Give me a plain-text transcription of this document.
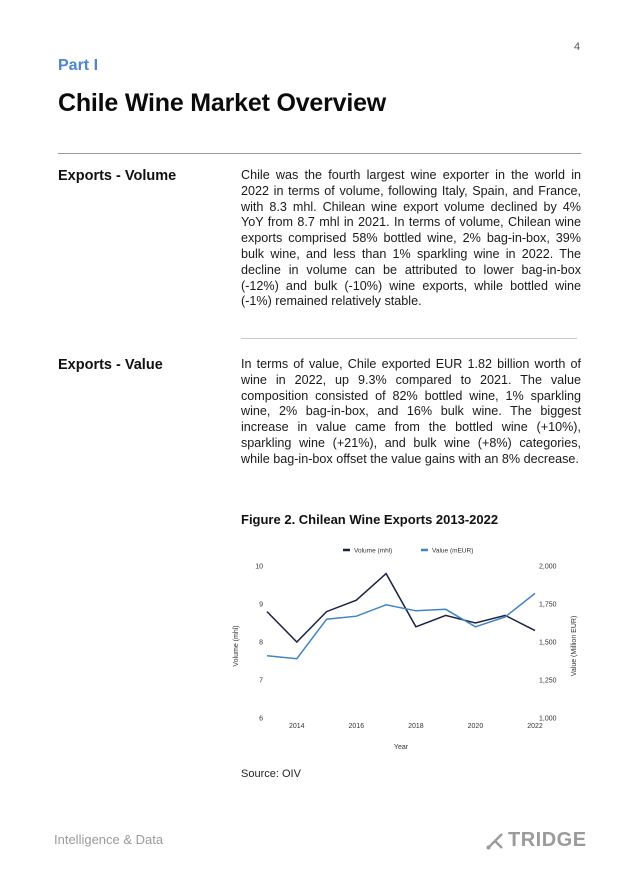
4
Part I
Chile Wine Market Overview
Exports - Volume	Chile was the fourth largest wine exporter in the world in 2022 in terms of volume, following Italy, Spain, and France, with 8.3 mhl. Chilean wine export volume declined by 4% YoY from 8.7 mhl in 2021. In terms of volume, Chilean wine exports comprised 58% bottled wine, 2% bag-in-box, 39% bulk wine, and less than 1% sparkling wine in 2022. The decline in volume can be attributed to lower bag-in-box (-12%) and bulk (-10%) wine exports, while bottled wine (-1%) remained relatively stable.
Exports - Value	In terms of value, Chile exported EUR 1.82 billion worth of wine in 2022, up 9.3% compared to 2021. The value composition consisted of 82% bottled wine, 1% sparkling wine, 2% bag-in-box, and 16% bulk wine. The biggest increase in value came from the bottled wine (+10%), sparkling wine (+21%), and bulk wine (+8%) categories, while bag-in-box offset the value gains with an 8% decrease.
Figure 2. Chilean Wine Exports 2013-2022
Volume (mhl)	Value (mEUR)
6
7
8
9
10
1,000
1,250
1,500
1,750
2,000
2014	2016	2018	2020	2022
Year
Volume (mhl)	Value (Million EUR)
Source: OIV
Intelligence & Data	TRIDGE
